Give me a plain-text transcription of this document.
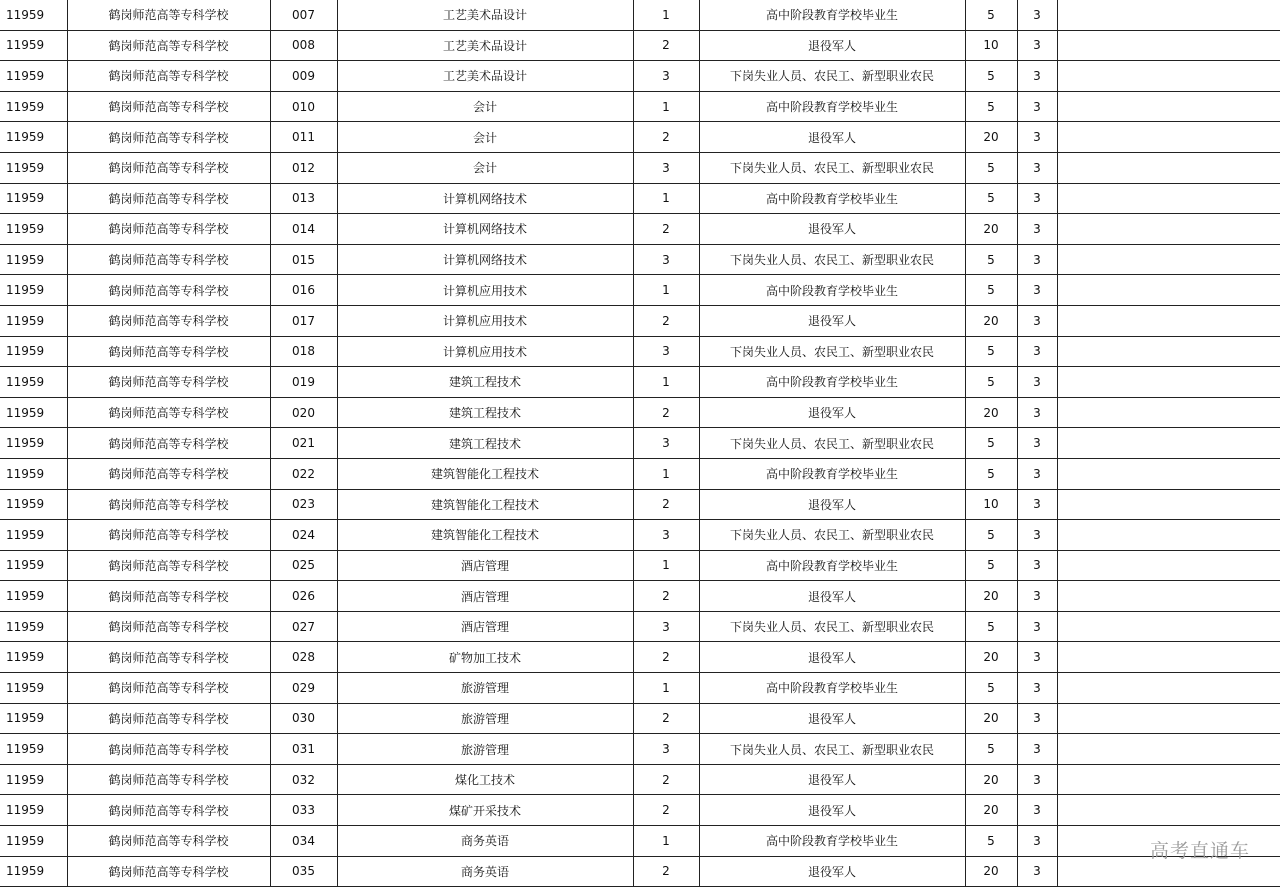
11959	鹤岗师范高等专科学校	007	工艺美术品设计	1	高中阶段教育学校毕业生	5	3	
11959	鹤岗师范高等专科学校	008	工艺美术品设计	2	退役军人	10	3	
11959	鹤岗师范高等专科学校	009	工艺美术品设计	3	下岗失业人员、农民工、新型职业农民	5	3	
11959	鹤岗师范高等专科学校	010	会计	1	高中阶段教育学校毕业生	5	3	
11959	鹤岗师范高等专科学校	011	会计	2	退役军人	20	3	
11959	鹤岗师范高等专科学校	012	会计	3	下岗失业人员、农民工、新型职业农民	5	3	
11959	鹤岗师范高等专科学校	013	计算机网络技术	1	高中阶段教育学校毕业生	5	3	
11959	鹤岗师范高等专科学校	014	计算机网络技术	2	退役军人	20	3	
11959	鹤岗师范高等专科学校	015	计算机网络技术	3	下岗失业人员、农民工、新型职业农民	5	3	
11959	鹤岗师范高等专科学校	016	计算机应用技术	1	高中阶段教育学校毕业生	5	3	
11959	鹤岗师范高等专科学校	017	计算机应用技术	2	退役军人	20	3	
11959	鹤岗师范高等专科学校	018	计算机应用技术	3	下岗失业人员、农民工、新型职业农民	5	3	
11959	鹤岗师范高等专科学校	019	建筑工程技术	1	高中阶段教育学校毕业生	5	3	
11959	鹤岗师范高等专科学校	020	建筑工程技术	2	退役军人	20	3	
11959	鹤岗师范高等专科学校	021	建筑工程技术	3	下岗失业人员、农民工、新型职业农民	5	3	
11959	鹤岗师范高等专科学校	022	建筑智能化工程技术	1	高中阶段教育学校毕业生	5	3	
11959	鹤岗师范高等专科学校	023	建筑智能化工程技术	2	退役军人	10	3	
11959	鹤岗师范高等专科学校	024	建筑智能化工程技术	3	下岗失业人员、农民工、新型职业农民	5	3	
11959	鹤岗师范高等专科学校	025	酒店管理	1	高中阶段教育学校毕业生	5	3	
11959	鹤岗师范高等专科学校	026	酒店管理	2	退役军人	20	3	
11959	鹤岗师范高等专科学校	027	酒店管理	3	下岗失业人员、农民工、新型职业农民	5	3	
11959	鹤岗师范高等专科学校	028	矿物加工技术	2	退役军人	20	3	
11959	鹤岗师范高等专科学校	029	旅游管理	1	高中阶段教育学校毕业生	5	3	
11959	鹤岗师范高等专科学校	030	旅游管理	2	退役军人	20	3	
11959	鹤岗师范高等专科学校	031	旅游管理	3	下岗失业人员、农民工、新型职业农民	5	3	
11959	鹤岗师范高等专科学校	032	煤化工技术	2	退役军人	20	3	
11959	鹤岗师范高等专科学校	033	煤矿开采技术	2	退役军人	20	3	
11959	鹤岗师范高等专科学校	034	商务英语	1	高中阶段教育学校毕业生	5	3	
11959	鹤岗师范高等专科学校	035	商务英语	2	退役军人	20	3	
高考直通车
